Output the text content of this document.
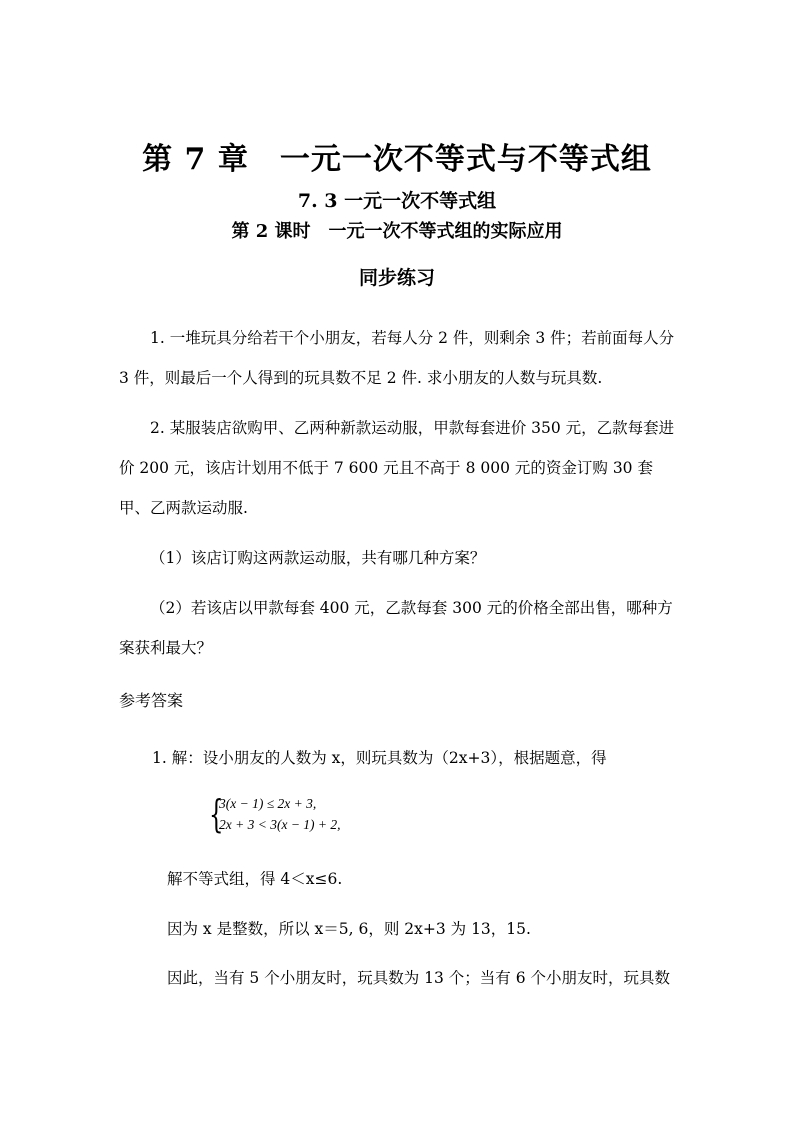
第 7 章　一元一次不等式与不等式组
7. 3 一元一次不等式组
第 2 课时　一元一次不等式组的实际应用
同步练习
1. 一堆玩具分给若干个小朋友，若每人分 2 件，则剩余 3 件；若前面每人分 3 件，则最后一个人得到的玩具数不足 2 件. 求小朋友的人数与玩具数.
2. 某服装店欲购甲、乙两种新款运动服，甲款每套进价 350 元，乙款每套进价 200 元，该店计划用不低于 7 600 元且不高于 8 000 元的资金订购 30 套甲、乙两款运动服.
（1）该店订购这两款运动服，共有哪几种方案？
（2）若该店以甲款每套 400 元，乙款每套 300 元的价格全部出售，哪种方案获利最大？
参考答案
1. 解：设小朋友的人数为 x，则玩具数为（2x+3），根据题意，得
{
3(x − 1) ≤ 2x + 3,
2x + 3 < 3(x − 1) + 2,
解不等式组，得 4＜x≤6.
因为 x 是整数，所以 x＝5, 6，则 2x+3 为 13，15.
因此，当有 5 个小朋友时，玩具数为 13 个；当有 6 个小朋友时，玩具数
